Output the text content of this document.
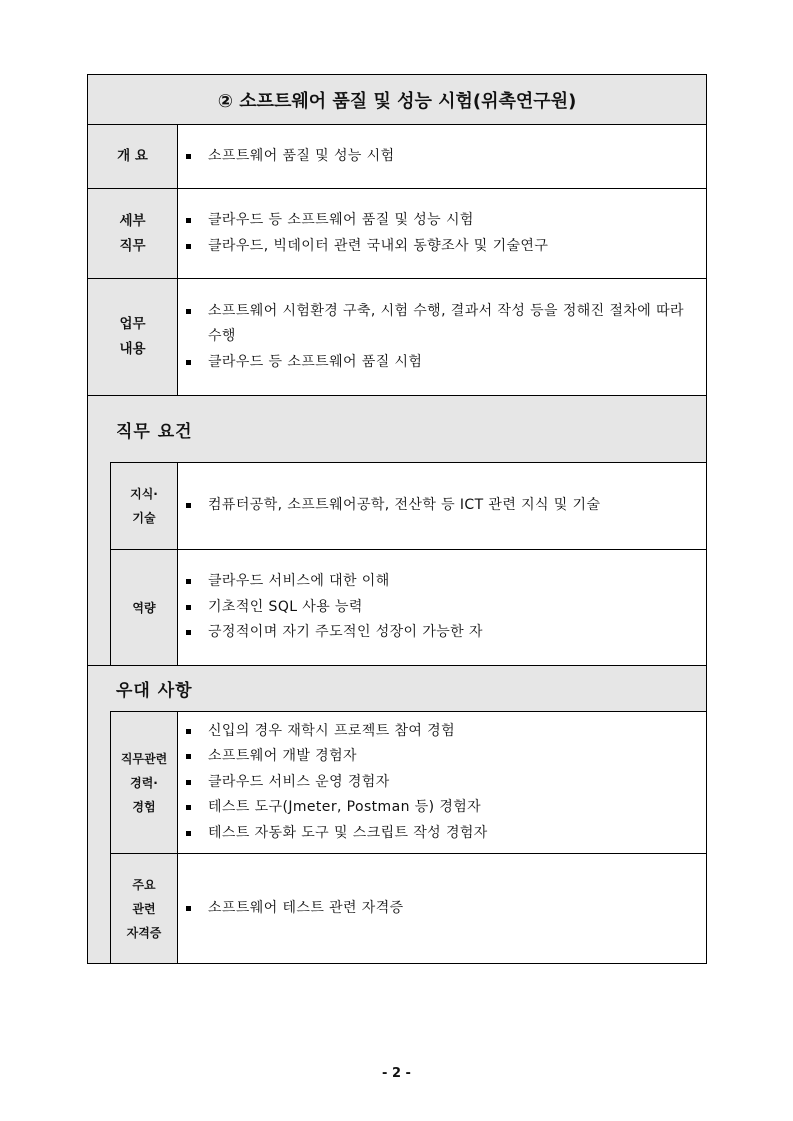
② 소프트웨어 품질 및 성능 시험(위촉연구원)
개 요	소프트웨어 품질 및 성능 시험
세부
직무
클라우드 등 소프트웨어 품질 및 성능 시험
클라우드, 빅데이터 관련 국내외 동향조사 및 기술연구
업무
내용
소프트웨어 시험환경 구축, 시험 수행, 결과서 작성 등을 정해진 절차에 따라 수행
클라우드 등 소프트웨어 품질 시험
직무 요건
지식·
기술
컴퓨터공학, 소프트웨어공학, 전산학 등 ICT 관련 지식 및 기술
역량
클라우드 서비스에 대한 이해
기초적인 SQL 사용 능력
긍정적이며 자기 주도적인 성장이 가능한 자
우대 사항
직무관련
경력·
경험
신입의 경우 재학시 프로젝트 참여 경험
소프트웨어 개발 경험자
클라우드 서비스 운영 경험자
테스트 도구(Jmeter, Postman 등) 경험자
테스트 자동화 도구 및 스크립트 작성 경험자
주요
관련
자격증
소프트웨어 테스트 관련 자격증
- 2 -
